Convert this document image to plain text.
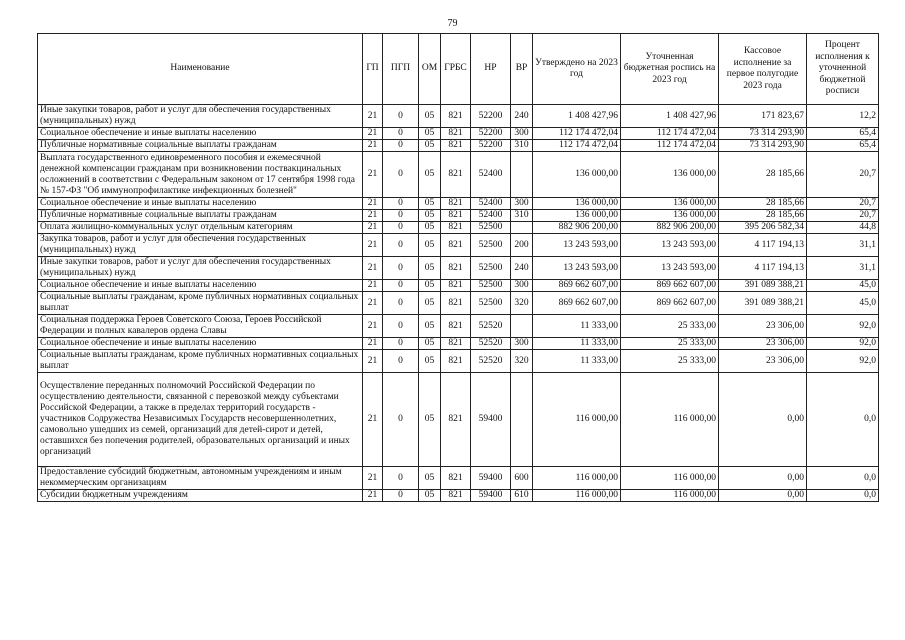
79
Наименование	ГП	ПГП	ОМ	ГРБС	НР	ВР	Утверждено на 2023 год	Уточненная бюджетная роспись на 2023 год	Кассовое исполнение за первое полугодие 2023 года	Процент исполнения к уточненной бюджетной росписи
Иные закупки товаров, работ и услуг для обеспечения государственных (муниципальных) нужд	21	0	05	821	52200	240	1 408 427,96	1 408 427,96	171 823,67	12,2
Социальное обеспечение и иные выплаты населению	21	0	05	821	52200	300	112 174 472,04	112 174 472,04	73 314 293,90	65,4
Публичные нормативные социальные выплаты гражданам	21	0	05	821	52200	310	112 174 472,04	112 174 472,04	73 314 293,90	65,4
Выплата государственного единовременного пособия и ежемесячной денежной компенсации гражданам при возникновении поствакцинальных осложнений в соответствии с Федеральным законом от 17 сентября 1998 года № 157-ФЗ "Об иммунопрофилактике инфекционных болезней"	21	0	05	821	52400		136 000,00	136 000,00	28 185,66	20,7
Социальное обеспечение и иные выплаты населению	21	0	05	821	52400	300	136 000,00	136 000,00	28 185,66	20,7
Публичные нормативные социальные выплаты гражданам	21	0	05	821	52400	310	136 000,00	136 000,00	28 185,66	20,7
Оплата жилищно-коммунальных услуг отдельным категориям	21	0	05	821	52500		882 906 200,00	882 906 200,00	395 206 582,34	44,8
Закупка товаров, работ и услуг для обеспечения государственных (муниципальных) нужд	21	0	05	821	52500	200	13 243 593,00	13 243 593,00	4 117 194,13	31,1
Иные закупки товаров, работ и услуг для обеспечения государственных (муниципальных) нужд	21	0	05	821	52500	240	13 243 593,00	13 243 593,00	4 117 194,13	31,1
Социальное обеспечение и иные выплаты населению	21	0	05	821	52500	300	869 662 607,00	869 662 607,00	391 089 388,21	45,0
Социальные выплаты гражданам, кроме публичных нормативных социальных выплат	21	0	05	821	52500	320	869 662 607,00	869 662 607,00	391 089 388,21	45,0
Социальная поддержка Героев Советского Союза, Героев Российской Федерации и полных кавалеров ордена Славы	21	0	05	821	52520		11 333,00	25 333,00	23 306,00	92,0
Социальное обеспечение и иные выплаты населению	21	0	05	821	52520	300	11 333,00	25 333,00	23 306,00	92,0
Социальные выплаты гражданам, кроме публичных нормативных социальных выплат	21	0	05	821	52520	320	11 333,00	25 333,00	23 306,00	92,0
Осуществление переданных полномочий Российской Федерации по осуществлению деятельности, связанной с перевозкой между субъектами Российской Федерации, а также в пределах территорий государств - участников Содружества Независимых Государств несовершеннолетних, самовольно ушедших из семей, организаций для детей-сирот и детей, оставшихся без попечения родителей, образовательных организаций и иных организаций	21	0	05	821	59400		116 000,00	116 000,00	0,00	0,0
Предоставление субсидий бюджетным, автономным учреждениям и иным некоммерческим организациям	21	0	05	821	59400	600	116 000,00	116 000,00	0,00	0,0
Субсидии бюджетным учреждениям	21	0	05	821	59400	610	116 000,00	116 000,00	0,00	0,0
